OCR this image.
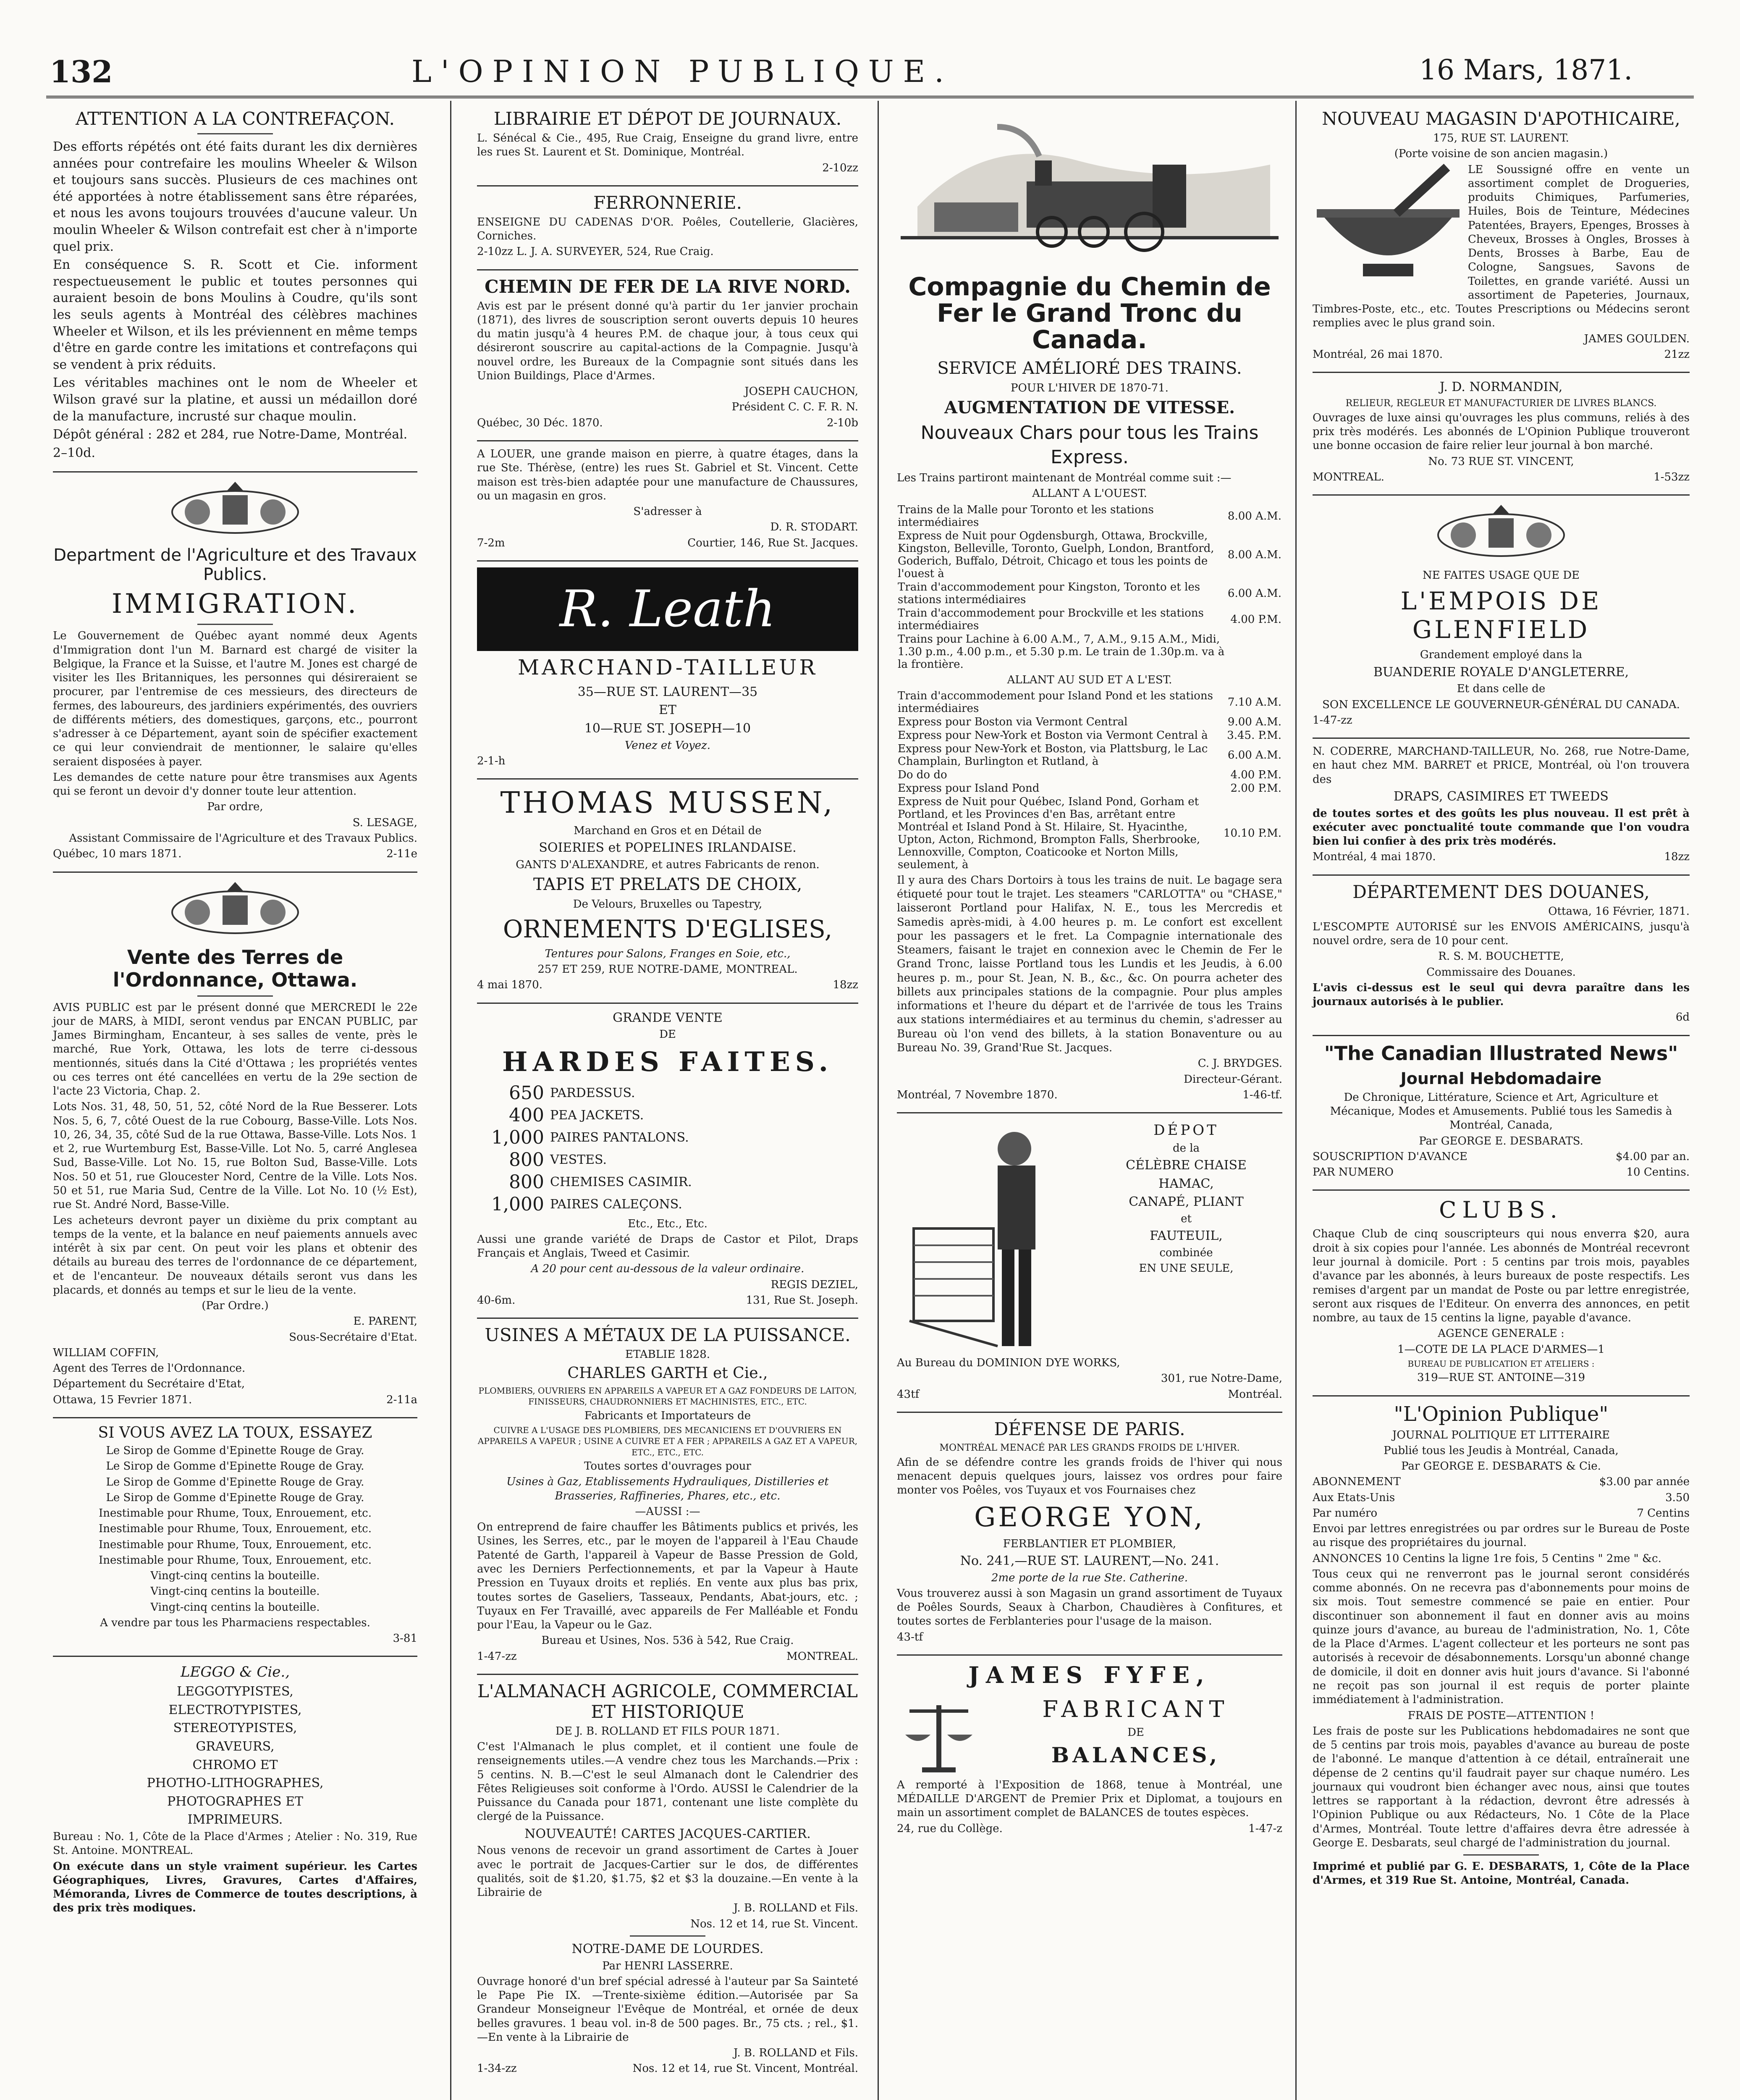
132	L'OPINION PUBLIQUE.	16 Mars, 1871.
ATTENTION A LA CONTREFAÇON.

Des efforts répétés ont été faits durant les dix dernières années pour contrefaire les moulins Wheeler & Wilson et toujours sans succès. Plusieurs de ces machines ont été apportées à notre établissement sans être réparées, et nous les avons toujours trouvées d'aucune valeur. Un moulin Wheeler & Wilson contrefait est cher à n'importe quel prix.

En conséquence S. R. Scott et Cie. informent respectueusement le public et toutes personnes qui auraient besoin de bons Moulins à Coudre, qu'ils sont les seuls agents à Montréal des célèbres machines Wheeler et Wilson, et ils les préviennent en même temps d'être en garde contre les imitations et contrefaçons qui se vendent à prix réduits.

Les véritables machines ont le nom de Wheeler et Wilson gravé sur la platine, et aussi un médaillon doré de la manufacture, incrusté sur chaque moulin.

Dépôt général : 282 et 284, rue Notre-Dame, Montréal.

2–10d.

Department de l'Agriculture et des Travaux Publics.
IMMIGRATION.

Le Gouvernement de Québec ayant nommé deux Agents d'Immigration dont l'un M. Barnard est chargé de visiter la Belgique, la France et la Suisse, et l'autre M. Jones est chargé de visiter les Iles Britanniques, les personnes qui désireraient se procurer, par l'entremise de ces messieurs, des directeurs de fermes, des laboureurs, des jardiniers expérimentés, des ouvriers de différents métiers, des domestiques, garçons, etc., pourront s'adresser à ce Département, ayant soin de spécifier exactement ce qui leur conviendrait de mentionner, le salaire qu'elles seraient disposées à payer.

Les demandes de cette nature pour être transmises aux Agents qui se feront un devoir d'y donner toute leur attention.

Par ordre,

S. LESAGE,

Assistant Commissaire de l'Agriculture et des Travaux Publics.

Québec, 10 mars 1871.	2-11e

Vente des Terres de l'Ordonnance, Ottawa.

AVIS PUBLIC est par le présent donné que MERCREDI le 22e jour de MARS, à MIDI, seront vendus par ENCAN PUBLIC, par James Birmingham, Encanteur, à ses salles de vente, près le marché, Rue York, Ottawa, les lots de terre ci-dessous mentionnés, situés dans la Cité d'Ottawa ; les propriétés ventes ou ces terres ont été cancellées en vertu de la 29e section de l'acte 23 Victoria, Chap. 2.

Lots Nos. 31, 48, 50, 51, 52, côté Nord de la Rue Besserer. Lots Nos. 5, 6, 7, côté Ouest de la rue Cobourg, Basse-Ville. Lots Nos. 10, 26, 34, 35, côté Sud de la rue Ottawa, Basse-Ville. Lots Nos. 1 et 2, rue Wurtemburg Est, Basse-Ville. Lot No. 5, carré Anglesea Sud, Basse-Ville. Lot No. 15, rue Bolton Sud, Basse-Ville. Lots Nos. 50 et 51, rue Gloucester Nord, Centre de la Ville. Lots Nos. 50 et 51, rue Maria Sud, Centre de la Ville. Lot No. 10 (½ Est), rue St. André Nord, Basse-Ville.

Les acheteurs devront payer un dixième du prix comptant au temps de la vente, et la balance en neuf paiements annuels avec intérêt à six par cent. On peut voir les plans et obtenir des détails au bureau des terres de l'ordonnance de ce département, et de l'encanteur. De nouveaux détails seront vus dans les placards, et donnés au temps et sur le lieu de la vente.

(Par Ordre.)

E. PARENT,

Sous-Secrétaire d'Etat.

WILLIAM COFFIN,

Agent des Terres de l'Ordonnance.

Département du Secrétaire d'Etat,

Ottawa, 15 Fevrier 1871.	2-11a

SI VOUS AVEZ LA TOUX, ESSAYEZ

Le Sirop de Gomme d'Epinette Rouge de Gray.

Le Sirop de Gomme d'Epinette Rouge de Gray.

Le Sirop de Gomme d'Epinette Rouge de Gray.

Le Sirop de Gomme d'Epinette Rouge de Gray.

Inestimable pour Rhume, Toux, Enrouement, etc.

Inestimable pour Rhume, Toux, Enrouement, etc.

Inestimable pour Rhume, Toux, Enrouement, etc.

Inestimable pour Rhume, Toux, Enrouement, etc.

Vingt-cinq centins la bouteille.

Vingt-cinq centins la bouteille.

Vingt-cinq centins la bouteille.

A vendre par tous les Pharmaciens respectables.

3-81

LEGGO & Cie.,

LEGGOTYPISTES,

ELECTROTYPISTES,

STEREOTYPISTES,

GRAVEURS,

CHROMO ET

PHOTHO-LITHOGRAPHES,

PHOTOGRAPHES ET

IMPRIMEURS.

Bureau : No. 1, Côte de la Place d'Armes ; Atelier : No. 319, Rue St. Antoine. MONTREAL.

On exécute dans un style vraiment supérieur. les Cartes Géographiques, Livres, Gravures, Cartes d'Affaires, Mémoranda, Livres de Commerce de toutes descriptions, à des prix très modiques.

LIBRAIRIE ET DÉPOT DE JOURNAUX.

L. Sénécal & Cie., 495, Rue Craig, Enseigne du grand livre, entre les rues St. Laurent et St. Dominique, Montréal.

2-10zz

FERRONNERIE.

ENSEIGNE DU CADENAS D'OR. Poêles, Coutellerie, Glacières, Corniches.

2-10zz L. J. A. SURVEYER, 524, Rue Craig.

CHEMIN DE FER DE LA RIVE NORD.

Avis est par le présent donné qu'à partir du 1er janvier prochain (1871), des livres de souscription seront ouverts depuis 10 heures du matin jusqu'à 4 heures P.M. de chaque jour, à tous ceux qui désireront souscrire au capital-actions de la Compagnie. Jusqu'à nouvel ordre, les Bureaux de la Compagnie sont situés dans les Union Buildings, Place d'Armes.

JOSEPH CAUCHON,

Président C. C. F. R. N.

Québec, 30 Déc. 1870.	2-10b

A LOUER, une grande maison en pierre, à quatre étages, dans la rue Ste. Thérèse, (entre) les rues St. Gabriel et St. Vincent. Cette maison est très-bien adaptée pour une manufacture de Chaussures, ou un magasin en gros.

S'adresser à

D. R. STODART.

7-2m	Courtier, 146, Rue St. Jacques.

R. Leath
MARCHAND-TAILLEUR

35—RUE ST. LAURENT—35

ET

10—RUE ST. JOSEPH—10

Venez et Voyez.

2-1-h

THOMAS MUSSEN,

Marchand en Gros et en Détail de

SOIERIES et POPELINES IRLANDAISE.

GANTS D'ALEXANDRE, et autres Fabricants de renon.

TAPIS ET PRELATS DE CHOIX,

De Velours, Bruxelles ou Tapestry,

ORNEMENTS D'EGLISES,

Tentures pour Salons, Franges en Soie, etc.,

257 ET 259, RUE NOTRE-DAME, MONTREAL.

4 mai 1870.	18zz

GRANDE VENTE

DE

HARDES FAITES.
650	PARDESSUS.
400	PEA JACKETS.
1,000	PAIRES PANTALONS.
800	VESTES.
800	CHEMISES CASIMIR.
1,000	PAIRES CALEÇONS.

Etc., Etc., Etc.

Aussi une grande variété de Draps de Castor et Pilot, Draps Français et Anglais, Tweed et Casimir.

A 20 pour cent au-dessous de la valeur ordinaire.

REGIS DEZIEL,

40-6m.	131, Rue St. Joseph.

USINES A MÉTAUX DE LA PUISSANCE.

ETABLIE 1828.

CHARLES GARTH et Cie.,

PLOMBIERS, OUVRIERS EN APPAREILS A VAPEUR ET A GAZ FONDEURS DE LAITON, FINISSEURS, CHAUDRONNIERS ET MACHINISTES, ETC., ETC.

Fabricants et Importateurs de

CUIVRE A L'USAGE DES PLOMBIERS, DES MECANICIENS ET D'OUVRIERS EN APPAREILS A VAPEUR ; USINE A CUIVRE ET A FER ; APPAREILS A GAZ ET A VAPEUR, ETC., ETC., ETC.

Toutes sortes d'ouvrages pour

Usines à Gaz, Etablissements Hydrauliques, Distilleries et Brasseries, Raffineries, Phares, etc., etc.

—AUSSI :—

On entreprend de faire chauffer les Bâtiments publics et privés, les Usines, les Serres, etc., par le moyen de l'appareil à l'Eau Chaude Patenté de Garth, l'appareil à Vapeur de Basse Pression de Gold, avec les Derniers Perfectionnements, et par la Vapeur à Haute Pression en Tuyaux droits et repliés. En vente aux plus bas prix, toutes sortes de Gaseliers, Tasseaux, Pendants, Abat-jours, etc. ; Tuyaux en Fer Travaillé, avec appareils de Fer Malléable et Fondu pour l'Eau, la Vapeur ou le Gaz.

Bureau et Usines, Nos. 536 à 542, Rue Craig.

1-47-zz	MONTREAL.

L'ALMANACH AGRICOLE, COMMERCIAL ET HISTORIQUE

DE J. B. ROLLAND ET FILS POUR 1871.

C'est l'Almanach le plus complet, et il contient une foule de renseignements utiles.—A vendre chez tous les Marchands.—Prix : 5 centins. N. B.—C'est le seul Almanach dont le Calendrier des Fêtes Religieuses soit conforme à l'Ordo. AUSSI le Calendrier de la Puissance du Canada pour 1871, contenant une liste complète du clergé de la Puissance.

NOUVEAUTÉ! CARTES JACQUES-CARTIER.

Nous venons de recevoir un grand assortiment de Cartes à Jouer avec le portrait de Jacques-Cartier sur le dos, de différentes qualités, soit de $1.20, $1.75, $2 et $3 la douzaine.—En vente à la Librairie de

J. B. ROLLAND et Fils.

Nos. 12 et 14, rue St. Vincent.

NOTRE-DAME DE LOURDES.

Par HENRI LASSERRE.

Ouvrage honoré d'un bref spécial adressé à l'auteur par Sa Sainteté le Pape Pie IX. —Trente-sixième édition.—Autorisée par Sa Grandeur Monseigneur l'Evêque de Montréal, et ornée de deux belles gravures. 1 beau vol. in-8 de 500 pages. Br., 75 cts. ; rel., $1.—En vente à la Librairie de

J. B. ROLLAND et Fils.

1-34-zz	Nos. 12 et 14, rue St. Vincent, Montréal.

Compagnie du Chemin de Fer le Grand Tronc du Canada.

SERVICE AMÉLIORÉ DES TRAINS.

POUR L'HIVER DE 1870-71.

AUGMENTATION DE VITESSE.

Nouveaux Chars pour tous les Trains Express.

Les Trains partiront maintenant de Montréal comme suit :—

ALLANT A L'OUEST.

Trains de la Malle pour Toronto et les stations intermédiaires	8.00 A.M.
Express de Nuit pour Ogdensburgh, Ottawa, Brockville, Kingston, Belleville, Toronto, Guelph, London, Brantford, Goderich, Buffalo, Détroit, Chicago et tous les points de l'ouest à	8.00 A.M.
Train d'accommodement pour Kingston, Toronto et les stations intermédiaires	6.00 A.M.
Train d'accommodement pour Brockville et les stations intermédiaires	4.00 P.M.
Trains pour Lachine à 6.00 A.M., 7, A.M., 9.15 A.M., Midi, 1.30 p.m., 4.00 p.m., et 5.30 p.m. Le train de 1.30p.m. va à la frontière.	

ALLANT AU SUD ET A L'EST.

Train d'accommodement pour Island Pond et les stations intermédiaires	7.10 A.M.
Express pour Boston via Vermont Central	9.00 A.M.
Express pour New-York et Boston via Vermont Central à	3.45. P.M.
Express pour New-York et Boston, via Plattsburg, le Lac Champlain, Burlington et Rutland, à	6.00 A.M.
Do do do	4.00 P.M.
Express pour Island Pond	2.00 P.M.
Express de Nuit pour Québec, Island Pond, Gorham et Portland, et les Provinces d'en Bas, arrêtant entre Montréal et Island Pond à St. Hilaire, St. Hyacinthe, Upton, Acton, Richmond, Brompton Falls, Sherbrooke, Lennoxville, Compton, Coaticooke et Norton Mills, seulement, à	10.10 P.M.

Il y aura des Chars Dortoirs à tous les trains de nuit. Le bagage sera étiqueté pour tout le trajet. Les steamers "CARLOTTA" ou "CHASE," laisseront Portland pour Halifax, N. E., tous les Mercredis et Samedis après-midi, à 4.00 heures p. m. Le confort est excellent pour les passagers et le fret. La Compagnie internationale des Steamers, faisant le trajet en connexion avec le Chemin de Fer le Grand Tronc, laisse Portland tous les Lundis et les Jeudis, à 6.00 heures p. m., pour St. Jean, N. B., &c., &c. On pourra acheter des billets aux principales stations de la compagnie. Pour plus amples informations et l'heure du départ et de l'arrivée de tous les Trains aux stations intermédiaires et au terminus du chemin, s'adresser au Bureau où l'on vend des billets, à la station Bonaventure ou au Bureau No. 39, Grand'Rue St. Jacques.

C. J. BRYDGES.

Directeur-Gérant.

Montréal, 7 Novembre 1870.	1-46-tf.

DÉPOT

de la

CÉLÈBRE CHAISE

HAMAC,

CANAPÉ, PLIANT

et

FAUTEUIL,

combinée

EN UNE SEULE,

Au Bureau du DOMINION DYE WORKS,

301, rue Notre-Dame,

43tf	Montréal.

DÉFENSE DE PARIS.

MONTRÉAL MENACÉ PAR LES GRANDS FROIDS DE L'HIVER.

Afin de se défendre contre les grands froids de l'hiver qui nous menacent depuis quelques jours, laissez vos ordres pour faire monter vos Poêles, vos Tuyaux et vos Fournaises chez

GEORGE YON,

FERBLANTIER ET PLOMBIER,

No. 241,—RUE ST. LAURENT,—No. 241.

2me porte de la rue Ste. Catherine.

Vous trouverez aussi à son Magasin un grand assortiment de Tuyaux de Poêles Sourds, Seaux à Charbon, Chaudières à Confitures, et toutes sortes de Ferblanteries pour l'usage de la maison.

43-tf

JAMES FYFE,

FABRICANT

DE

BALANCES,

A remporté à l'Exposition de 1868, tenue à Montréal, une MÉDAILLE D'ARGENT de Premier Prix et Diplomat, a toujours en main un assortiment complet de BALANCES de toutes espèces.

24, rue du Collège.	1-47-z

NOUVEAU MAGASIN D'APOTHICAIRE,

175, RUE ST. LAURENT.

(Porte voisine de son ancien magasin.)

LE Soussigné offre en vente un assortiment complet de Drogueries, produits Chimiques, Parfumeries, Huiles, Bois de Teinture, Médecines Patentées, Brayers, Epenges, Brosses à Cheveux, Brosses à Ongles, Brosses à Dents, Brosses à Barbe, Eau de Cologne, Sangsues, Savons de Toilettes, en grande variété. Aussi un assortiment de Papeteries, Journaux, Timbres-Poste, etc., etc. Toutes Prescriptions ou Médecins seront remplies avec le plus grand soin.

JAMES GOULDEN.

Montréal, 26 mai 1870.	21zz

J. D. NORMANDIN,

RELIEUR, REGLEUR ET MANUFACTURIER DE LIVRES BLANCS.

Ouvrages de luxe ainsi qu'ouvrages les plus communs, reliés à des prix très modérés. Les abonnés de L'Opinion Publique trouveront une bonne occasion de faire relier leur journal à bon marché.

No. 73 RUE ST. VINCENT,

MONTREAL.	1-53zz

NE FAITES USAGE QUE DE

L'EMPOIS DE GLENFIELD

Grandement employé dans la

BUANDERIE ROYALE D'ANGLETERRE,

Et dans celle de

SON EXCELLENCE LE GOUVERNEUR-GÉNÉRAL DU CANADA.

1-47-zz

N. CODERRE, MARCHAND-TAILLEUR, No. 268, rue Notre-Dame, en haut chez MM. BARRET et PRICE, Montréal, où l'on trouvera des

DRAPS, CASIMIRES ET TWEEDS

de toutes sortes et des goûts les plus nouveau. Il est prêt à exécuter avec ponctualité toute commande que l'on voudra bien lui confier à des prix très modérés.

Montréal, 4 mai 1870.	18zz

DÉPARTEMENT DES DOUANES,

Ottawa, 16 Février, 1871.

L'ESCOMPTE AUTORISÉ sur les ENVOIS AMÉRICAINS, jusqu'à nouvel ordre, sera de 10 pour cent.

R. S. M. BOUCHETTE,

Commissaire des Douanes.

L'avis ci-dessus est le seul qui devra paraître dans les journaux autorisés à le publier.

6d

"The Canadian Illustrated News"

Journal Hebdomadaire

De Chronique, Littérature, Science et Art, Agriculture et Mécanique, Modes et Amusements. Publié tous les Samedis à Montréal, Canada,

Par GEORGE E. DESBARATS.

SOUSCRIPTION D'AVANCE	$4.00 par an.

PAR NUMERO	10 Centins.

CLUBS.

Chaque Club de cinq souscripteurs qui nous enverra $20, aura droit à six copies pour l'année. Les abonnés de Montréal recevront leur journal à domicile. Port : 5 centins par trois mois, payables d'avance par les abonnés, à leurs bureaux de poste respectifs. Les remises d'argent par un mandat de Poste ou par lettre enregistrée, seront aux risques de l'Editeur. On enverra des annonces, en petit nombre, au taux de 15 centins la ligne, payable d'avance.

AGENCE GENERALE :

1—COTE DE LA PLACE D'ARMES—1

BUREAU DE PUBLICATION ET ATELIERS :

319—RUE ST. ANTOINE—319

"L'Opinion Publique"

JOURNAL POLITIQUE ET LITTERAIRE

Publié tous les Jeudis à Montréal, Canada,

Par GEORGE E. DESBARATS & Cie.

ABONNEMENT	$3.00 par année

Aux Etats-Unis	3.50

Par numéro	7 Centins

Envoi par lettres enregistrées ou par ordres sur le Bureau de Poste au risque des propriétaires du journal.

ANNONCES 10 Centins la ligne 1re fois, 5 Centins " 2me " &c.

Tous ceux qui ne renverront pas le journal seront considérés comme abonnés. On ne recevra pas d'abonnements pour moins de six mois. Tout semestre commencé se paie en entier. Pour discontinuer son abonnement il faut en donner avis au moins quinze jours d'avance, au bureau de l'administration, No. 1, Côte de la Place d'Armes. L'agent collecteur et les porteurs ne sont pas autorisés à recevoir de désabonnements. Lorsqu'un abonné change de domicile, il doit en donner avis huit jours d'avance. Si l'abonné ne reçoit pas son journal il est requis de porter plainte immédiatement à l'administration.

FRAIS DE POSTE—ATTENTION !

Les frais de poste sur les Publications hebdomadaires ne sont que de 5 centins par trois mois, payables d'avance au bureau de poste de l'abonné. Le manque d'attention à ce détail, entraînerait une dépense de 2 centins qu'il faudrait payer sur chaque numéro. Les journaux qui voudront bien échanger avec nous, ainsi que toutes lettres se rapportant à la rédaction, devront être adressés à l'Opinion Publique ou aux Rédacteurs, No. 1 Côte de la Place d'Armes, Montréal. Toute lettre d'affaires devra être adressée à George E. Desbarats, seul chargé de l'administration du journal.

Imprimé et publié par G. E. DESBARATS, 1, Côte de la Place d'Armes, et 319 Rue St. Antoine, Montréal, Canada.
